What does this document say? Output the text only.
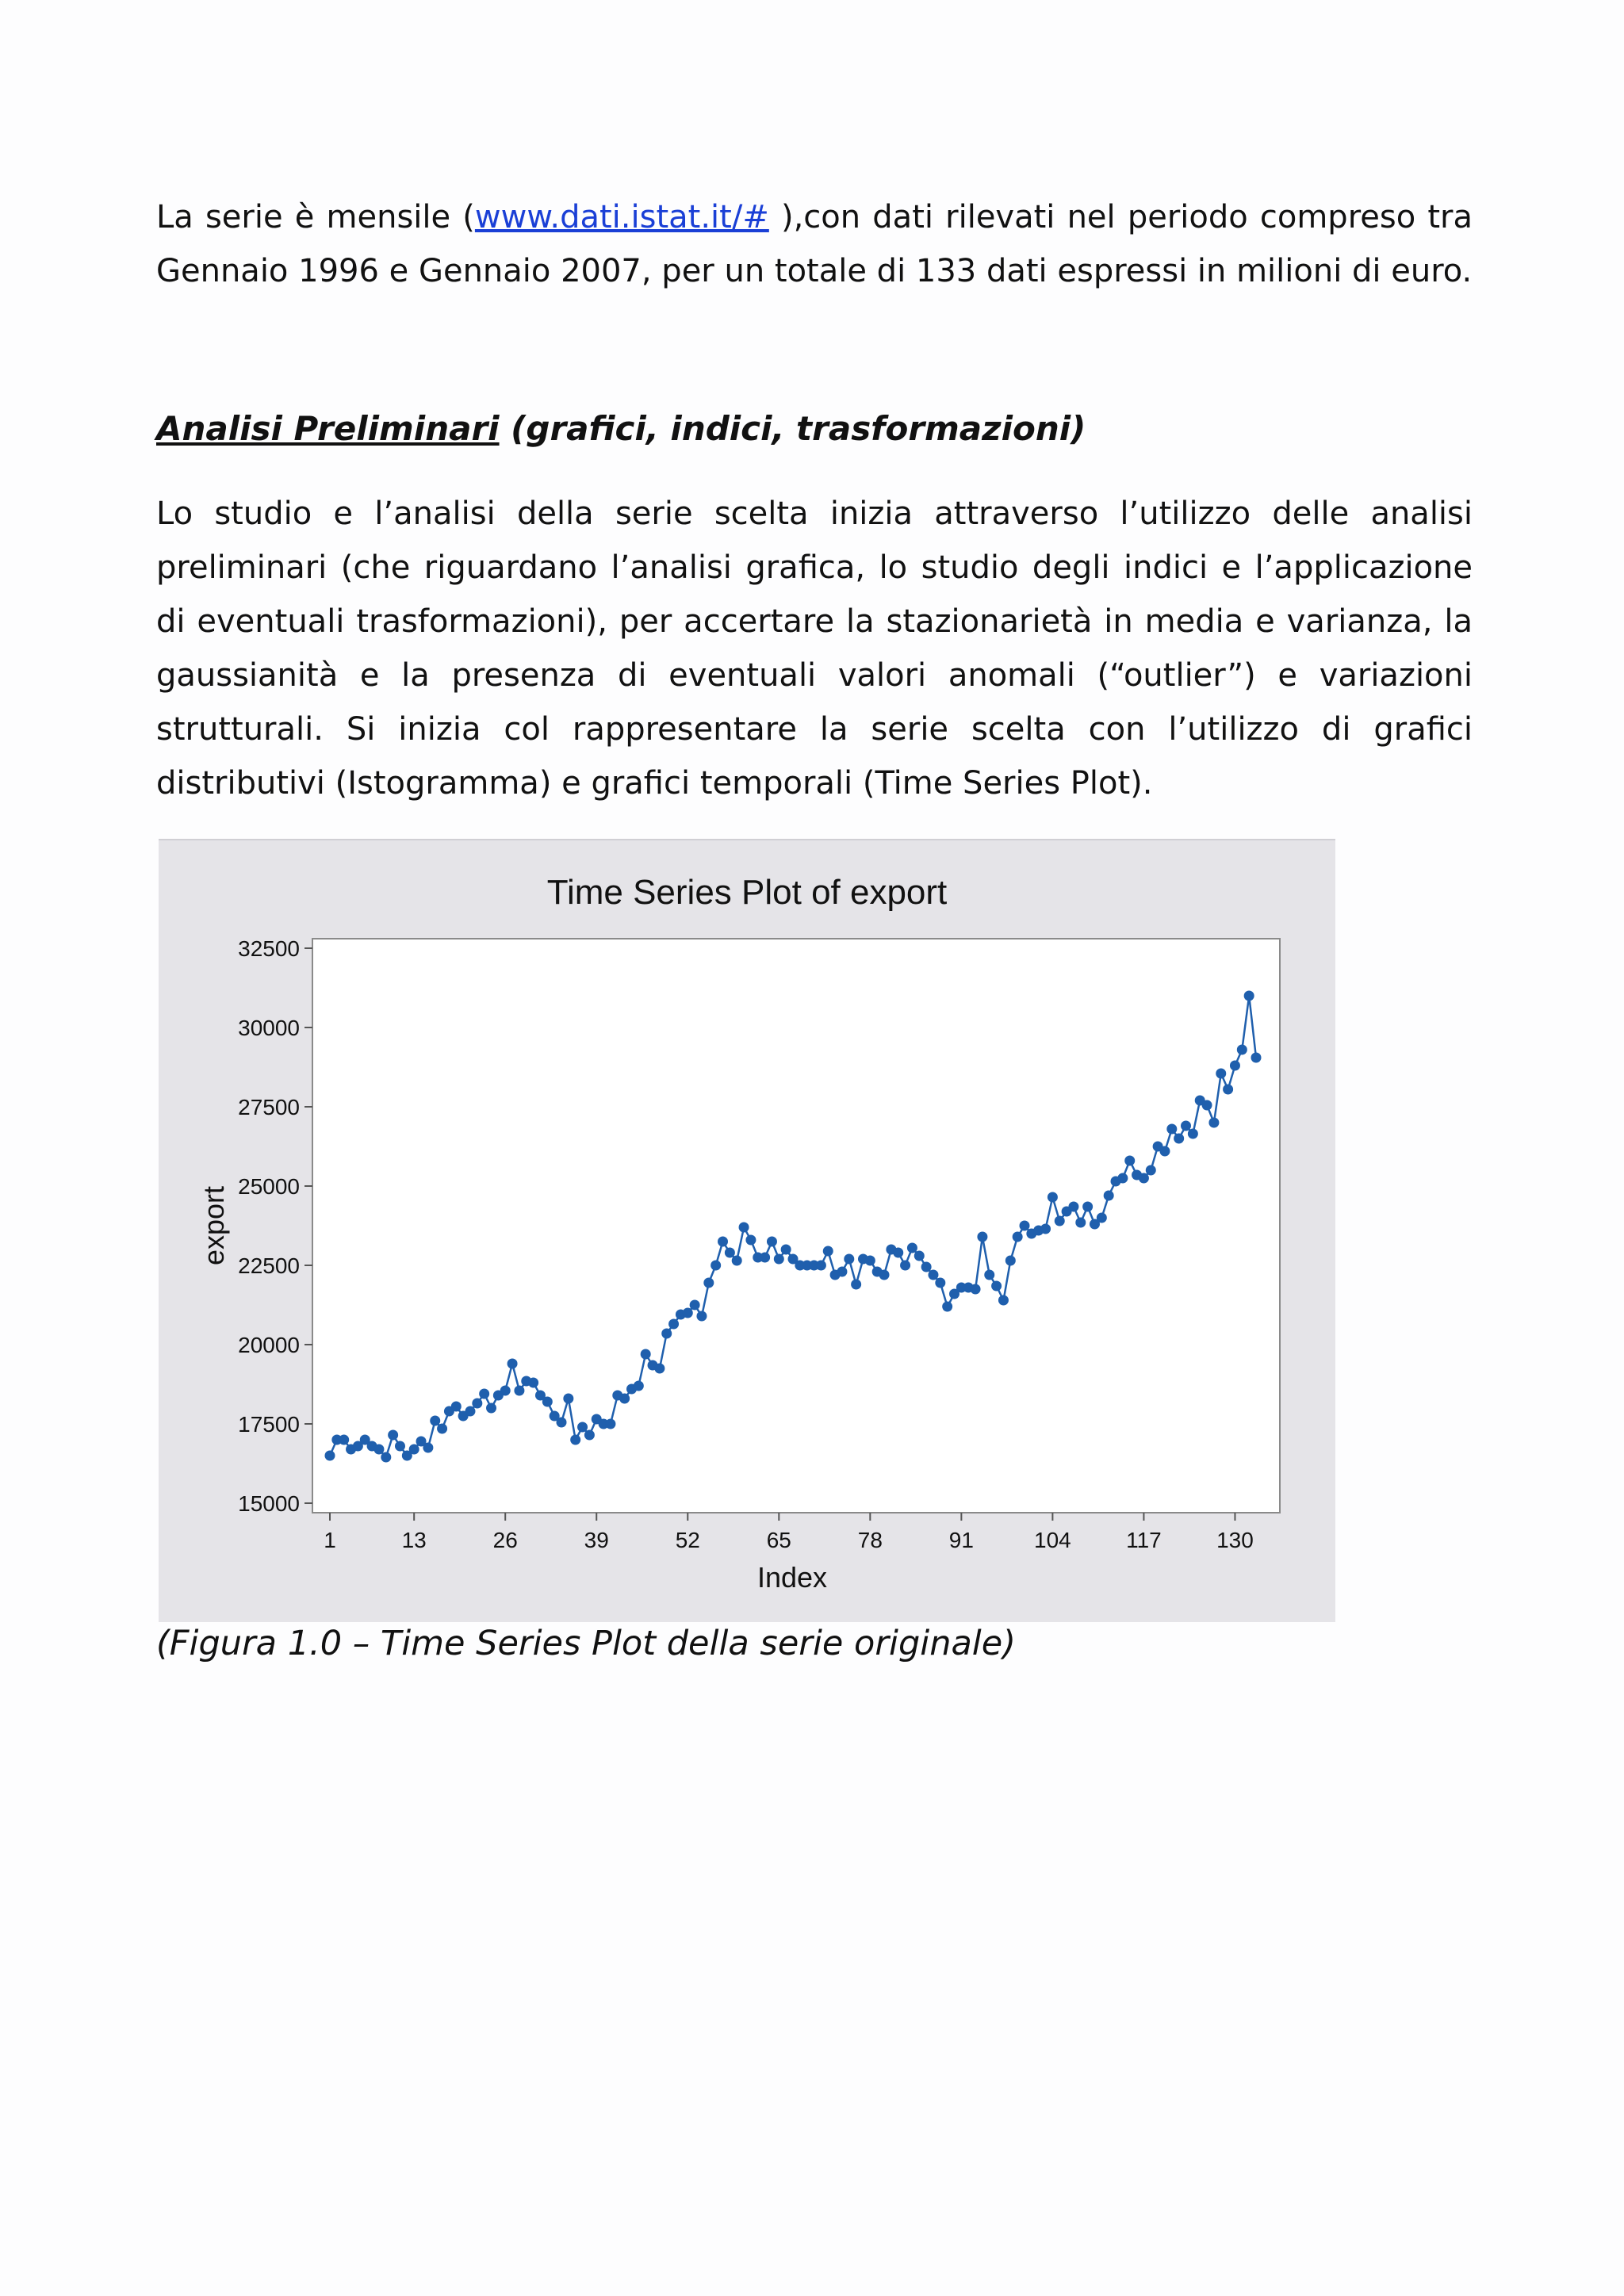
La serie è mensile (www.dati.istat.it/# ),con dati rilevati nel periodo compreso tra Gennaio 1996 e Gennaio 2007, per un totale di 133 dati espressi in milioni di euro.

Analisi Preliminari (grafici, indici, trasformazioni)

Lo studio e l’analisi della serie scelta inizia attraverso l’utilizzo delle analisi preliminari (che riguardano l’analisi grafica, lo studio degli indici e l’applicazione di eventuali trasformazioni), per accertare la stazionarietà in media e varianza, la gaussianità e la presenza di eventuali valori anomali (“outlier”) e variazioni strutturali. Si inizia col rappresentare la serie scelta con l’utilizzo di grafici distributivi (Istogramma) e grafici temporali (Time Series Plot).

Time Series Plot of export
15000
17500
20000
22500
25000
27500
30000
32500
1	13	26	39	52	65	78	91	104 117 130
Index
export
(Figura 1.0 – Time Series Plot della serie originale)
